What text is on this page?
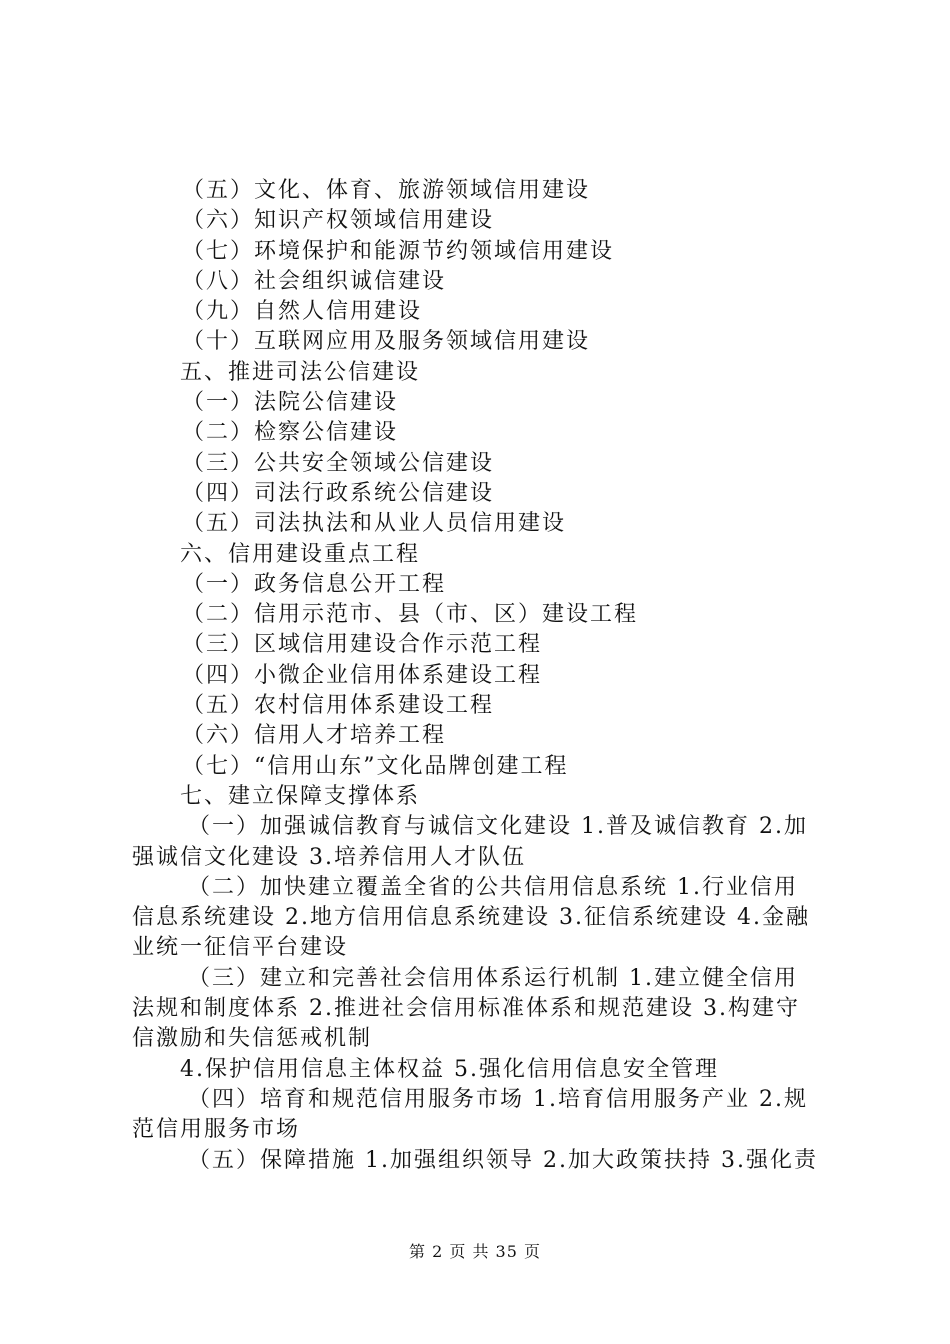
（五）文化、体育、旅游领域信用建设
（六）知识产权领域信用建设
（七）环境保护和能源节约领域信用建设
（八）社会组织诚信建设
（九）自然人信用建设
（十）互联网应用及服务领域信用建设
五、推进司法公信建设
（一）法院公信建设
（二）检察公信建设
（三）公共安全领域公信建设
（四）司法行政系统公信建设
（五）司法执法和从业人员信用建设
六、信用建设重点工程
（一）政务信息公开工程
（二）信用示范市、县（市、区）建设工程
（三）区域信用建设合作示范工程
（四）小微企业信用体系建设工程
（五）农村信用体系建设工程
（六）信用人才培养工程
（七）“信用山东”文化品牌创建工程
七、建立保障支撑体系
（一）加强诚信教育与诚信文化建设 1.普及诚信教育 2.加
强诚信文化建设 3.培养信用人才队伍
（二）加快建立覆盖全省的公共信用信息系统 1.行业信用
信息系统建设 2.地方信用信息系统建设 3.征信系统建设 4.金融
业统一征信平台建设
（三）建立和完善社会信用体系运行机制 1.建立健全信用
法规和制度体系 2.推进社会信用标准体系和规范建设 3.构建守
信激励和失信惩戒机制
4.保护信用信息主体权益 5.强化信用信息安全管理
（四）培育和规范信用服务市场 1.培育信用服务产业 2.规
范信用服务市场
（五）保障措施 1.加强组织领导 2.加大政策扶持 3.强化责
第 2 页 共 35 页
